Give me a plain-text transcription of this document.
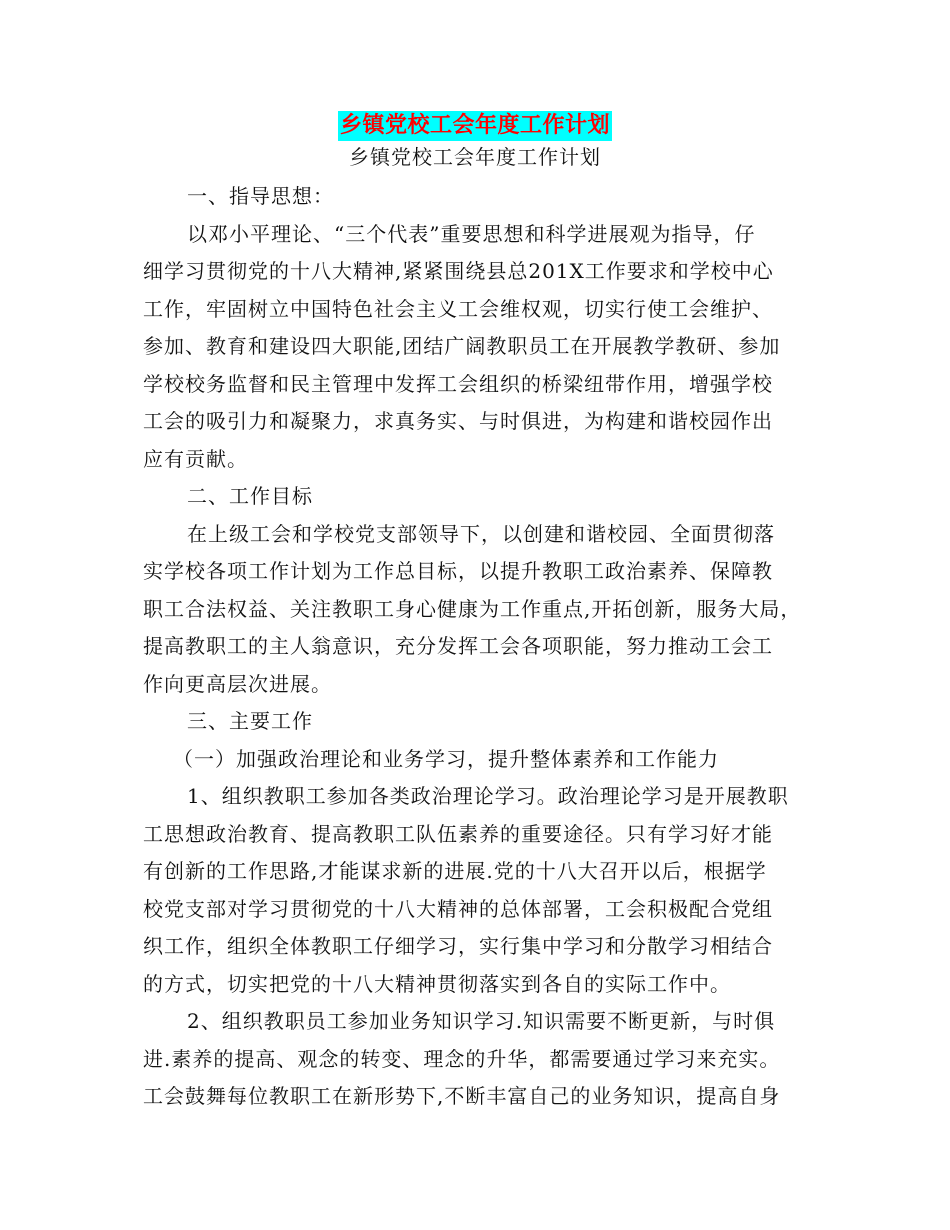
乡镇党校工会年度工作计划
乡镇党校工会年度工作计划

一、指导思想：

以邓小平理论、“三个代表”重要思想和科学进展观为指导，仔

细学习贯彻党的十八大精神,紧紧围绕县总201X工作要求和学校中心

工作，牢固树立中国特色社会主义工会维权观，切实行使工会维护、

参加、教育和建设四大职能,团结广阔教职员工在开展教学教研、参加

学校校务监督和民主管理中发挥工会组织的桥梁纽带作用，增强学校

工会的吸引力和凝聚力，求真务实、与时俱进，为构建和谐校园作出

应有贡献。

二、工作目标

在上级工会和学校党支部领导下，以创建和谐校园、全面贯彻落

实学校各项工作计划为工作总目标，以提升教职工政治素养、保障教

职工合法权益、关注教职工身心健康为工作重点,开拓创新，服务大局，

提高教职工的主人翁意识，充分发挥工会各项职能，努力推动工会工

作向更高层次进展。

三、主要工作

（一）加强政治理论和业务学习，提升整体素养和工作能力

1、组织教职工参加各类政治理论学习。政治理论学习是开展教职

工思想政治教育、提高教职工队伍素养的重要途径。只有学习好才能

有创新的工作思路,才能谋求新的进展.党的十八大召开以后，根据学

校党支部对学习贯彻党的十八大精神的总体部署，工会积极配合党组

织工作，组织全体教职工仔细学习，实行集中学习和分散学习相结合

的方式，切实把党的十八大精神贯彻落实到各自的实际工作中。

2、组织教职员工参加业务知识学习.知识需要不断更新，与时俱

进.素养的提高、观念的转变、理念的升华，都需要通过学习来充实。

工会鼓舞每位教职工在新形势下,不断丰富自己的业务知识，提高自身
